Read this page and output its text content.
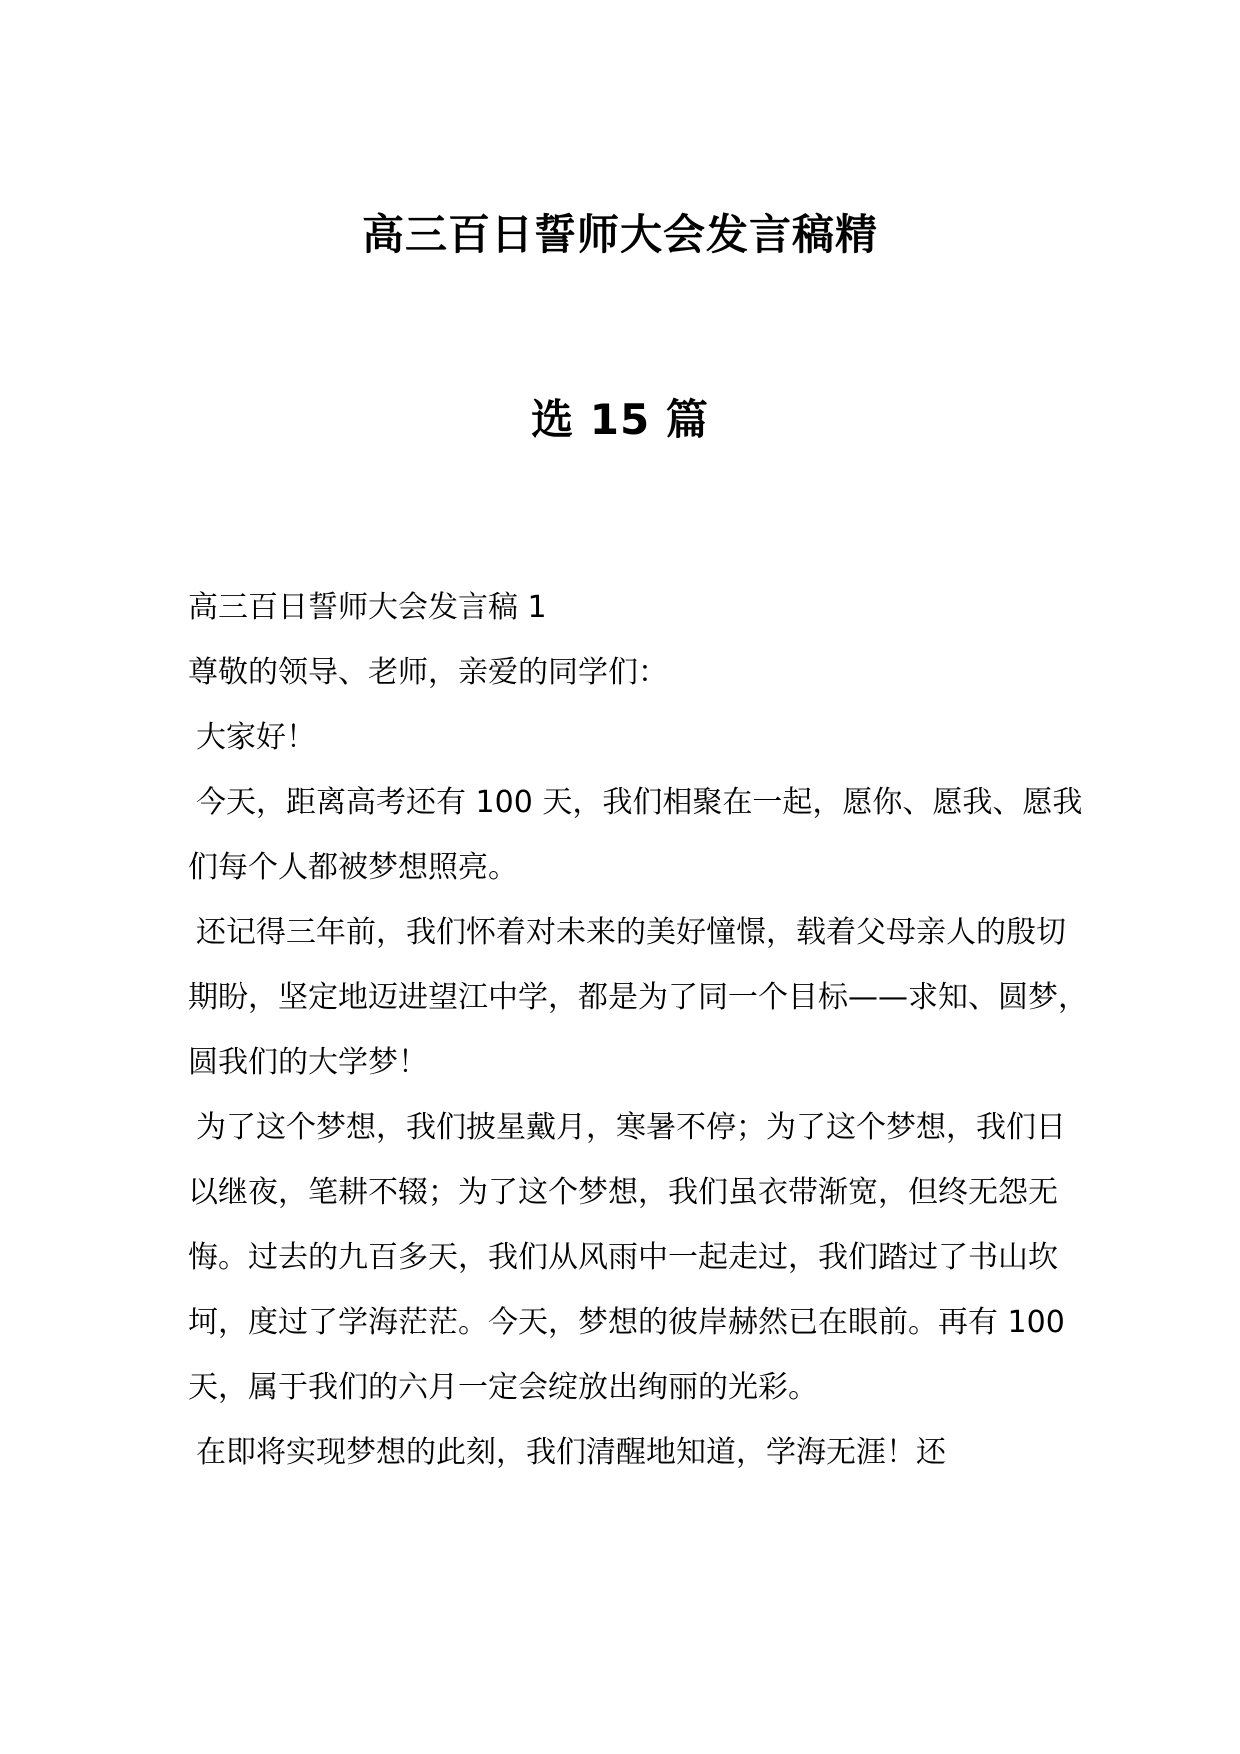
高三百日誓师大会发言稿精
选 15 篇

高三百日誓师大会发言稿 1

尊敬的领导、老师，亲爱的同学们：

大家好！

今天，距离高考还有 100 天，我们相聚在一起，愿你、愿我、愿我们每个人都被梦想照亮。

还记得三年前，我们怀着对未来的美好憧憬，载着父母亲人的殷切期盼，坚定地迈进望江中学，都是为了同一个目标——求知、圆梦，圆我们的大学梦！

为了这个梦想，我们披星戴月，寒暑不停；为了这个梦想，我们日以继夜，笔耕不辍；为了这个梦想，我们虽衣带渐宽，但终无怨无悔。过去的九百多天，我们从风雨中一起走过，我们踏过了书山坎坷，度过了学海茫茫。今天，梦想的彼岸赫然已在眼前。再有 100 天，属于我们的六月一定会绽放出绚丽的光彩。

在即将实现梦想的此刻，我们清醒地知道，学海无涯！还
